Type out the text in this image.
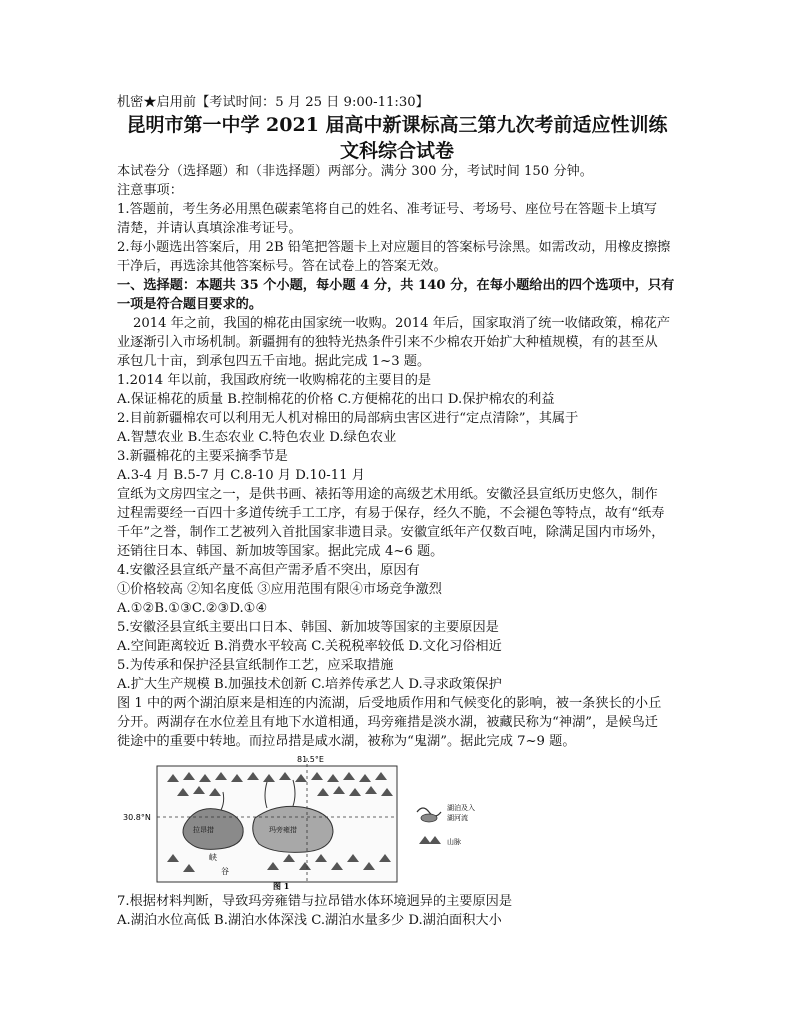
机密★启用前【考试时间：5 月 25 日 9:00-11:30】
昆明市第一中学 2021 届高中新课标高三第九次考前适应性训练
文科综合试卷
本试卷分（选择题）和（非选择题）两部分。满分 300 分，考试时间 150 分钟。
注意事项：
1.答题前，考生务必用黑色碳素笔将自己的姓名、准考证号、考场号、座位号在答题卡上填写
清楚，并请认真填涂准考证号。
2.每小题选出答案后，用 2B 铅笔把答题卡上对应题目的答案标号涂黑。如需改动，用橡皮擦擦
干净后，再选涂其他答案标号。答在试卷上的答案无效。
一、选择题：本题共 35 个小题，每小题 4 分，共 140 分，在每小题给出的四个选项中，只有
一项是符合题目要求的。
2014 年之前，我国的棉花由国家统一收购。2014 年后，国家取消了统一收储政策，棉花产
业逐渐引入市场机制。新疆拥有的独特光热条件引来不少棉农开始扩大种植规模，有的甚至从
承包几十亩，到承包四五千亩地。据此完成 1~3 题。
1.2014 年以前，我国政府统一收购棉花的主要目的是
A.保证棉花的质量 B.控制棉花的价格 C.方便棉花的出口 D.保护棉农的利益
2.目前新疆棉农可以利用无人机对棉田的局部病虫害区进行“定点清除”，其属于
A.智慧农业 B.生态农业 C.特色农业 D.绿色农业
3.新疆棉花的主要采摘季节是
A.3-4 月 B.5-7 月 C.8-10 月 D.10-11 月
宣纸为文房四宝之一，是供书画、裱拓等用途的高级艺术用纸。安徽泾县宣纸历史悠久，制作
过程需要经一百四十多道传统手工工序，有易于保存，经久不脆，不会褪色等特点，故有“纸寿
千年”之誉，制作工艺被列入首批国家非遗目录。安徽宣纸年产仅数百吨，除满足国内市场外，
还销往日本、韩国、新加坡等国家。据此完成 4~6 题。
4.安徽泾县宣纸产量不高但产需矛盾不突出，原因有
①价格较高 ②知名度低 ③应用范围有限④市场竞争激烈
A.①②B.①③C.②③D.①④
5.安徽泾县宣纸主要出口日本、韩国、新加坡等国家的主要原因是
A.空间距离较近 B.消费水平较高 C.关税税率较低 D.文化习俗相近
5.为传承和保护泾县宣纸制作工艺，应采取措施
A.扩大生产规模 B.加强技术创新 C.培养传承艺人 D.寻求政策保护
图 1 中的两个湖泊原来是相连的内流湖，后受地质作用和气候变化的影响，被一条狭长的小丘
分开。两湖存在水位差且有地下水道相通，玛旁雍措是淡水湖，被藏民称为“神湖”，是候鸟迁
徙途中的重要中转地。而拉昂措是咸水湖，被称为“鬼湖”。据此完成 7~9 题。
81.5°E
30.8°N
拉昂措	玛旁雍措
峡
谷
湖泊及入
湖河流
山脉
图 1
7.根据材料判断，导致玛旁雍错与拉昂错水体环境迥异的主要原因是
A.湖泊水位高低 B.湖泊水体深浅 C.湖泊水量多少 D.湖泊面积大小
